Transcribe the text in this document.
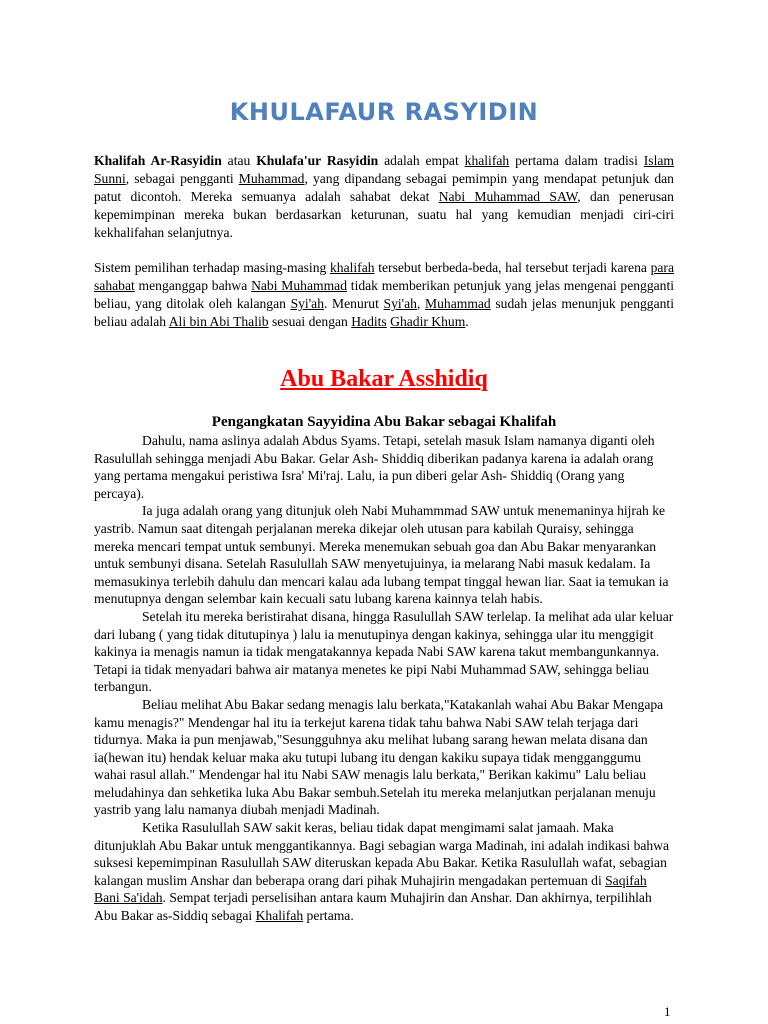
KHULAFAUR RASYIDIN

Khalifah Ar-Rasyidin atau Khulafa'ur Rasyidin adalah empat khalifah pertama dalam tradisi Islam Sunni, sebagai pengganti Muhammad, yang dipandang sebagai pemimpin yang mendapat petunjuk dan patut dicontoh. Mereka semuanya adalah sahabat dekat Nabi Muhammad SAW, dan penerusan kepemimpinan mereka bukan berdasarkan keturunan, suatu hal yang kemudian menjadi ciri-ciri kekhalifahan selanjutnya.

Sistem pemilihan terhadap masing-masing khalifah tersebut berbeda-beda, hal tersebut terjadi karena para sahabat menganggap bahwa Nabi Muhammad tidak memberikan petunjuk yang jelas mengenai pengganti beliau, yang ditolak oleh kalangan Syi'ah. Menurut Syi'ah, Muhammad sudah jelas menunjuk pengganti beliau adalah Ali bin Abi Thalib sesuai dengan Hadits Ghadir Khum.

Abu Bakar Asshidiq
Pengangkatan Sayyidina Abu Bakar sebagai Khalifah

Dahulu, nama aslinya adalah Abdus Syams. Tetapi, setelah masuk Islam namanya diganti oleh Rasulullah sehingga menjadi Abu Bakar. Gelar Ash- Shiddiq diberikan padanya karena ia adalah orang yang pertama mengakui peristiwa Isra' Mi'raj. Lalu, ia pun diberi gelar Ash- Shiddiq (Orang yang percaya).

Ia juga adalah orang yang ditunjuk oleh Nabi Muhammmad SAW untuk menemaninya hijrah ke yastrib. Namun saat ditengah perjalanan mereka dikejar oleh utusan para kabilah Quraisy, sehingga mereka mencari tempat untuk sembunyi. Mereka menemukan sebuah goa dan Abu Bakar menyarankan untuk sembunyi disana. Setelah Rasulullah SAW menyetujuinya, ia melarang Nabi masuk kedalam. Ia memasukinya terlebih dahulu dan mencari kalau ada lubang tempat tinggal hewan liar. Saat ia temukan ia menutupnya dengan selembar kain kecuali satu lubang karena kainnya telah habis.

Setelah itu mereka beristirahat disana, hingga Rasulullah SAW terlelap. Ia melihat ada ular keluar dari lubang ( yang tidak ditutupinya ) lalu ia menutupinya dengan kakinya, sehingga ular itu menggigit kakinya ia menagis namun ia tidak mengatakannya kepada Nabi SAW karena takut membangunkannya. Tetapi ia tidak menyadari bahwa air matanya menetes ke pipi Nabi Muhammad SAW, sehingga beliau terbangun.

Beliau melihat Abu Bakar sedang menagis lalu berkata,"Katakanlah wahai Abu Bakar Mengapa kamu menagis?" Mendengar hal itu ia terkejut karena tidak tahu bahwa Nabi SAW telah terjaga dari tidurnya. Maka ia pun menjawab,"Sesungguhnya aku melihat lubang sarang hewan melata disana dan ia(hewan itu) hendak keluar maka aku tutupi lubang itu dengan kakiku supaya tidak mengganggumu wahai rasul allah." Mendengar hal itu Nabi SAW menagis lalu berkata," Berikan kakimu" Lalu beliau meludahinya dan sehketika luka Abu Bakar sembuh.Setelah itu mereka melanjutkan perjalanan menuju yastrib yang lalu namanya diubah menjadi Madinah.

Ketika Rasulullah SAW sakit keras, beliau tidak dapat mengimami salat jamaah. Maka ditunjuklah Abu Bakar untuk menggantikannya. Bagi sebagian warga Madinah, ini adalah indikasi bahwa suksesi kepemimpinan Rasulullah SAW diteruskan kepada Abu Bakar. Ketika Rasulullah wafat, sebagian kalangan muslim Anshar dan beberapa orang dari pihak Muhajirin mengadakan pertemuan di Saqifah Bani Sa'idah. Sempat terjadi perselisihan antara kaum Muhajirin dan Anshar. Dan akhirnya, terpilihlah Abu Bakar as-Siddiq sebagai Khalifah pertama.

1
